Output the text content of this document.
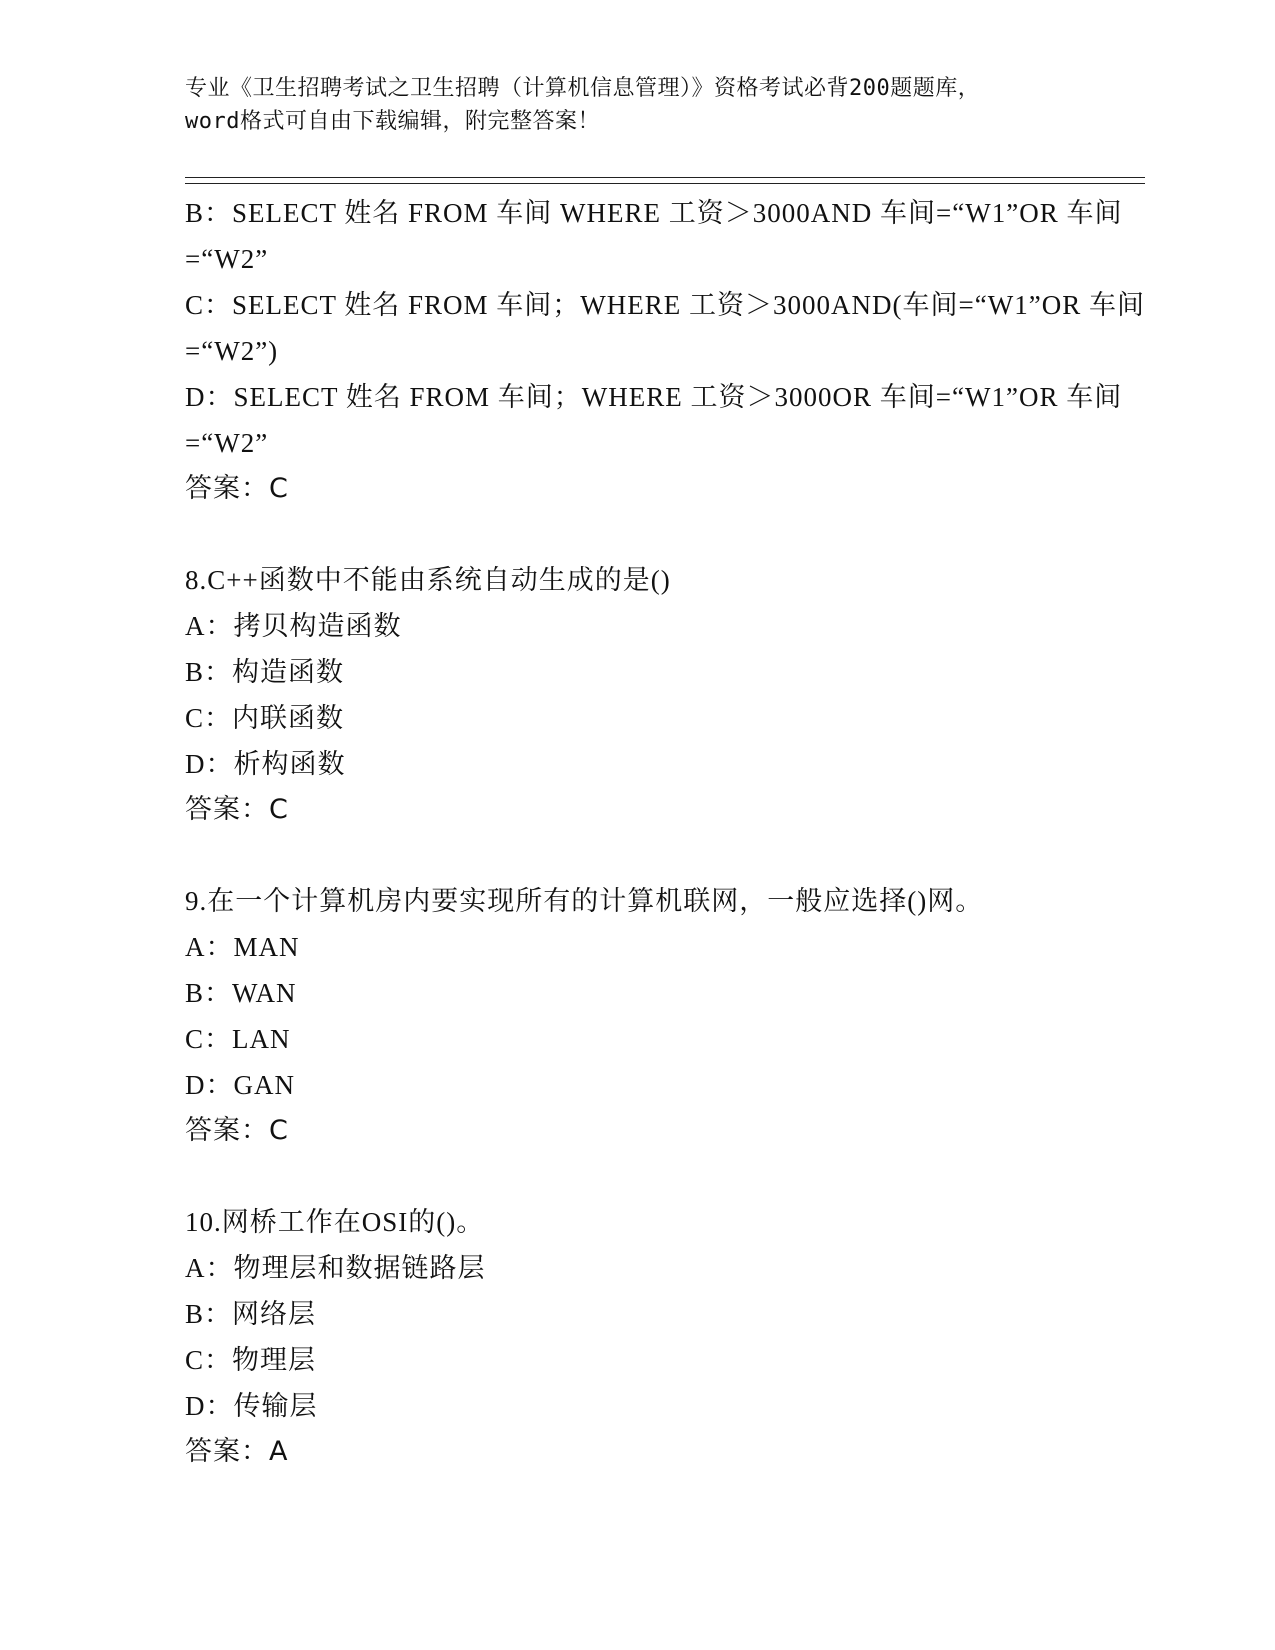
专业《卫生招聘考试之卫生招聘（计算机信息管理）》资格考试必背200题题库，
word格式可自由下载编辑，附完整答案！
B：SELECT 姓名 FROM 车间 WHERE 工资＞3000AND 车间=“W1”OR 车间
=“W2”
C：SELECT 姓名 FROM 车间；WHERE 工资＞3000AND(车间=“W1”OR 车间
=“W2”)
D：SELECT 姓名 FROM 车间；WHERE 工资＞3000OR 车间=“W1”OR 车间
=“W2”
答案：C
8.C++函数中不能由系统自动生成的是()
A：拷贝构造函数
B：构造函数
C：内联函数
D：析构函数
答案：C
9.在一个计算机房内要实现所有的计算机联网，一般应选择()网。
A：MAN
B：WAN
C：LAN
D：GAN
答案：C
10.网桥工作在OSI的()。
A：物理层和数据链路层
B：网络层
C：物理层
D：传输层
答案：A
